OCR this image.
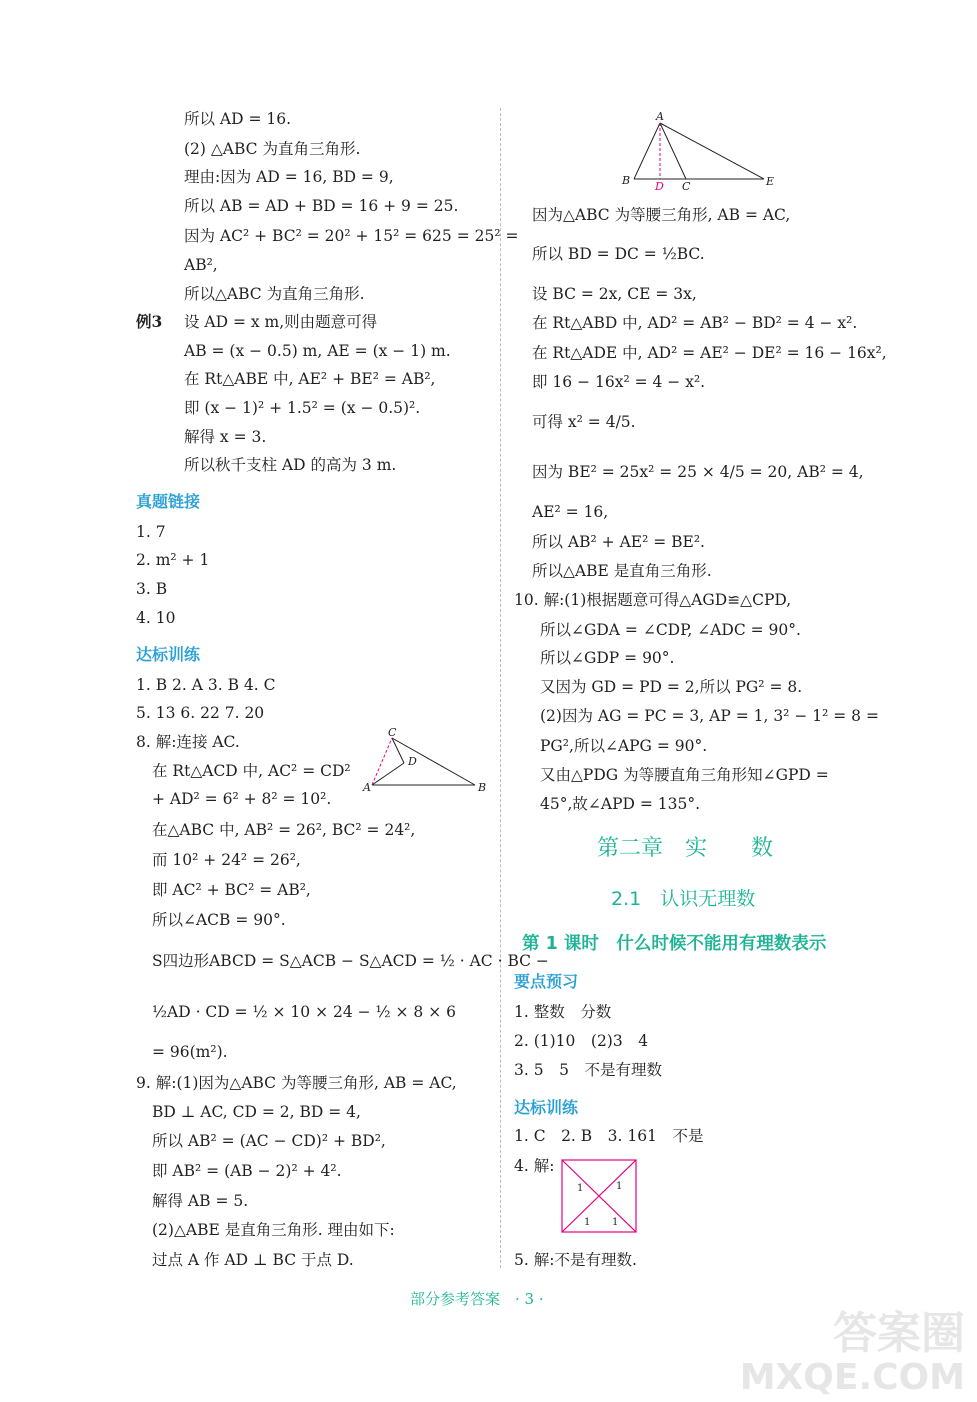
所以 AD = 16.
(2) △ABC 为直角三角形.
理由:因为 AD = 16, BD = 9,
所以 AB = AD + BD = 16 + 9 = 25.
因为 AC² + BC² = 20² + 15² = 625 = 25² =
AB²,
所以△ABC 为直角三角形.
例3 设 AD = x m,则由题意可得
AB = (x − 0.5) m, AE = (x − 1) m.
在 Rt△ABE 中, AE² + BE² = AB²,
即 (x − 1)² + 1.5² = (x − 0.5)².
解得 x = 3.
所以秋千支柱 AD 的高为 3 m.
真题链接
1. 7
2. m² + 1
3. B
4. 10
达标训练
1. B 2. A 3. B 4. C
5. 13 6. 22 7. 20
8. 解:连接 AC.
在 Rt△ACD 中, AC² = CD²
+ AD² = 6² + 8² = 10².
在△ABC 中, AB² = 26², BC² = 24²,
而 10² + 24² = 26²,
即 AC² + BC² = AB²,
所以∠ACB = 90°.
S四边形ABCD = S△ACB − S△ACD = ½ · AC · BC −
½AD · CD = ½ × 10 × 24 − ½ × 8 × 6
= 96(m²).
9. 解:(1)因为△ABC 为等腰三角形, AB = AC,
BD ⊥ AC, CD = 2, BD = 4,
所以 AB² = (AC − CD)² + BD²,
即 AB² = (AB − 2)² + 4².
解得 AB = 5.
(2)△ABE 是直角三角形. 理由如下:
过点 A 作 AD ⊥ BC 于点 D.
C
D
A	B
A
B D C	E
因为△ABC 为等腰三角形, AB = AC,
所以 BD = DC = ½BC.
设 BC = 2x, CE = 3x,
在 Rt△ABD 中, AD² = AB² − BD² = 4 − x².
在 Rt△ADE 中, AD² = AE² − DE² = 16 − 16x²,
即 16 − 16x² = 4 − x².
可得 x² = 4/5.
因为 BE² = 25x² = 25 × 4/5 = 20, AB² = 4,
AE² = 16,
所以 AB² + AE² = BE².
所以△ABE 是直角三角形.
10. 解:(1)根据题意可得△AGD≌△CPD,
所以∠GDA = ∠CDP, ∠ADC = 90°.
所以∠GDP = 90°.
又因为 GD = PD = 2,所以 PG² = 8.
(2)因为 AG = PC = 3, AP = 1, 3² − 1² = 8 =
PG²,所以∠APG = 90°.
又由△PDG 为等腰直角三角形知∠GPD =
45°,故∠APD = 135°.
第二章　实　　数
2.1　认识无理数
第 1 课时　什么时候不能用有理数表示
要点预习
1. 整数　分数
2. (1)10　(2)3　4
3. 5　5　不是有理数
达标训练
1. C　2. B　3. 161　不是
4. 解:
1	1
1 1
5. 解:不是有理数.
部分参考答案　· 3 ·
答案圈
MXQE.COM
